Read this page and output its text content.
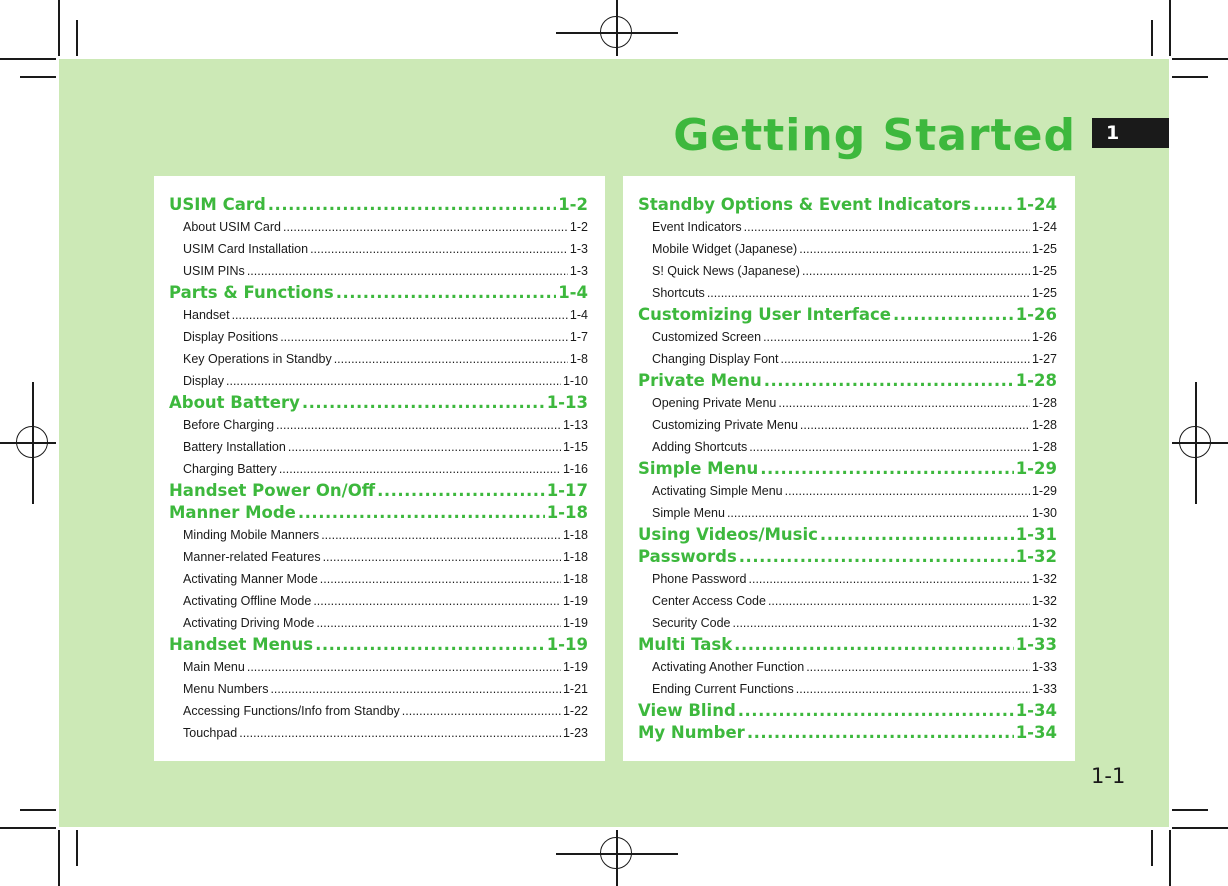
Getting Started	1
1-1
USIM Card .....	1-2
About USIM Card .....	1-2
USIM Card Installation .....	1-3
USIM PINs .....	1-3
Parts & Functions .....	1-4
Handset .....	1-4
Display Positions .....	1-7
Key Operations in Standby .....	1-8
Display .....	1-10
About Battery .....	1-13
Before Charging .....	1-13
Battery Installation .....	1-15
Charging Battery .....	1-16
Handset Power On/Off .....	1-17
Manner Mode .....	1-18
Minding Mobile Manners .....	1-18
Manner-related Features .....	1-18
Activating Manner Mode .....	1-18
Activating Offline Mode .....	1-19
Activating Driving Mode .....	1-19
Handset Menus .....	1-19
Main Menu .....	1-19
Menu Numbers .....	1-21
Accessing Functions/Info from Standby .....	1-22
Touchpad .....	1-23
Standby Options & Event Indicators .....	1-24
Event Indicators .....	1-24
Mobile Widget (Japanese) .....	1-25
S! Quick News (Japanese) .....	1-25
Shortcuts .....	1-25
Customizing User Interface .....	1-26
Customized Screen .....	1-26
Changing Display Font .....	1-27
Private Menu .....	1-28
Opening Private Menu .....	1-28
Customizing Private Menu .....	1-28
Adding Shortcuts .....	1-28
Simple Menu .....	1-29
Activating Simple Menu .....	1-29
Simple Menu .....	1-30
Using Videos/Music .....	1-31
Passwords .....	1-32
Phone Password .....	1-32
Center Access Code .....	1-32
Security Code .....	1-32
Multi Task .....	1-33
Activating Another Function .....	1-33
Ending Current Functions .....	1-33
View Blind .....	1-34
My Number .....	1-34
